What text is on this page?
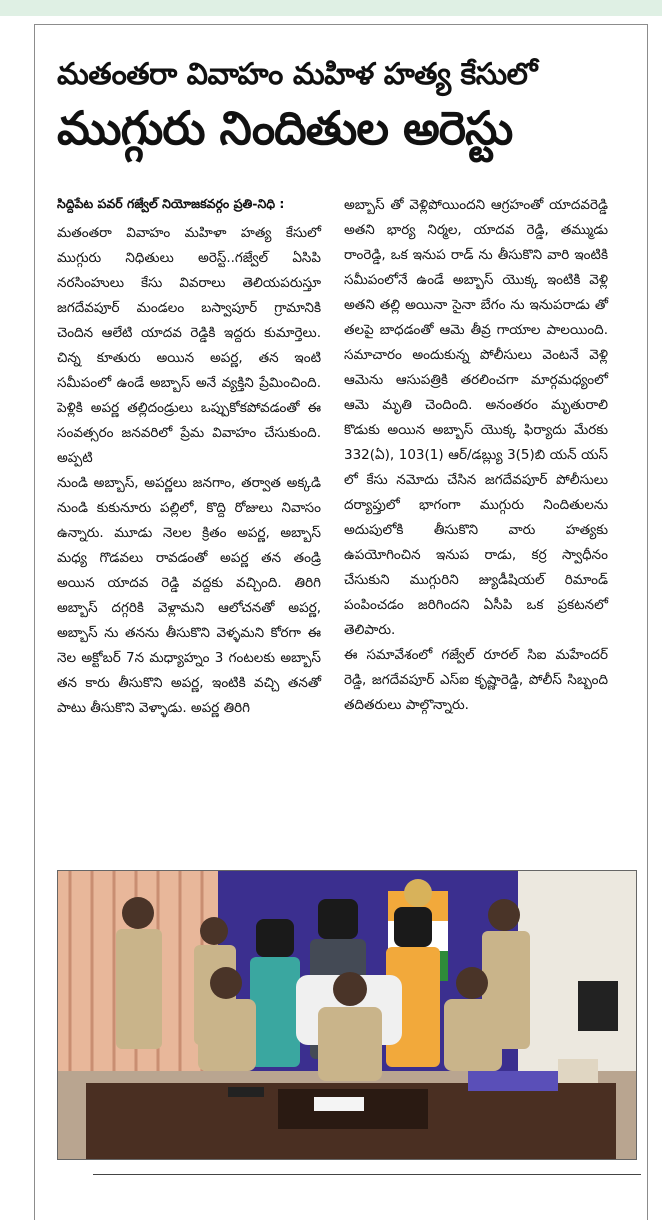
మతంతరా వివాహం మహిళ హత్య కేసులో
ముగ్గురు నిందితుల అరెస్టు

సిద్దిపేట పవర్ గజ్వేల్ నియోజకవర్గం ప్రతి-నిధి :

మతంతరా వివాహం మహిళా హత్య కేసులో ముగ్గురు నిధితులు అరెస్ట్..గజ్వేల్ ఏసిపి నరసింహులు కేసు వివరాలు తెలియపరుస్తూ జగదేవపూర్ మండలం బస్వాపూర్ గ్రామానికి చెందిన ఆలేటి యాదవ రెడ్డికి ఇద్దరు కుమార్తెలు. చిన్న కూతురు అయిన అపర్ణ, తన ఇంటి సమీపంలో ఉండే అబ్బాస్ అనే వ్యక్తిని ప్రేమించింది. పెళ్లికి అపర్ణ తల్లిదండ్రులు ఒప్పుకోకపోవడంతో ఈ సంవత్సరం జనవరిలో ప్రేమ వివాహం చేసుకుంది. అప్పటి

నుండి అబ్బాస్, అపర్ణలు జనగాం, తర్వాత అక్కడి నుండి కుకునూరు పల్లిలో, కొద్ది రోజులు నివాసం ఉన్నారు. మూడు నెలల క్రితం అపర్ణ, అబ్బాస్ మధ్య గొడవలు రావడంతో అపర్ణ తన తండ్రి అయిన యాదవ రెడ్డి వద్దకు వచ్చింది. తిరిగి అబ్బాస్ దగ్గరికి వెళ్లామని ఆలోచనతో అపర్ణ, అబ్బాస్ ను తనను తీసుకొని వెళ్ళమని కోరగా ఈ నెల అక్టోబర్ 7న మధ్యాహ్నం 3 గంటలకు అబ్బాస్ తన కారు తీసుకొని అపర్ణ, ఇంటికి వచ్చి తనతో పాటు తీసుకొని వెళ్ళాడు. అపర్ణ తిరిగి

అబ్బాస్ తో వెళ్లిపోయిందని ఆగ్రహంతో యాదవరెడ్డి అతని భార్య నిర్మల, యాదవ రెడ్డి, తమ్ముడు రాంరెడ్డి, ఒక ఇనుప రాడ్ ను తీసుకొని వారి ఇంటికి సమీపంలోనే ఉండే అబ్బాస్ యొక్క ఇంటికి వెళ్లి అతని తల్లి అయినా సైనా బేగం ను ఇనుపరాడు తో తలపై బాధడంతో ఆమె తీవ్ర గాయాల పాలయింది. సమాచారం అందుకున్న పోలీసులు వెంటనే వెళ్లి ఆమెను ఆసుపత్రికి తరలించగా మార్గమధ్యంలో ఆమె మృతి చెందింది. అనంతరం మృతురాలి కొడుకు అయిన అబ్బాస్ యొక్క ఫిర్యాదు మేరకు 332(ఏ), 103(1) ఆర్/డబ్ల్యు 3(5)బి యన్ యస్ లో కేసు నమోదు చేసిన జగదేవపూర్ పోలీసులు దర్యాప్తులో భాగంగా ముగ్గురు నిందితులను అదుపులోకి తీసుకొని వారు హత్యకు ఉపయోగించిన ఇనుప రాడు, కర్ర స్వాధీనం చేసుకుని ముగ్గురిని జ్యుడీషియల్ రిమాండ్ పంపించడం జరిగిందని ఏసీపి ఒక ప్రకటనలో తెలిపారు.

ఈ సమావేశంలో గజ్వేల్ రూరల్ సిఐ మహేందర్ రెడ్డి, జగదేవపూర్ ఎస్ఐ కృష్ణారెడ్డి, పోలీస్ సిబ్బంది తదితరులు పాల్గొన్నారు.
